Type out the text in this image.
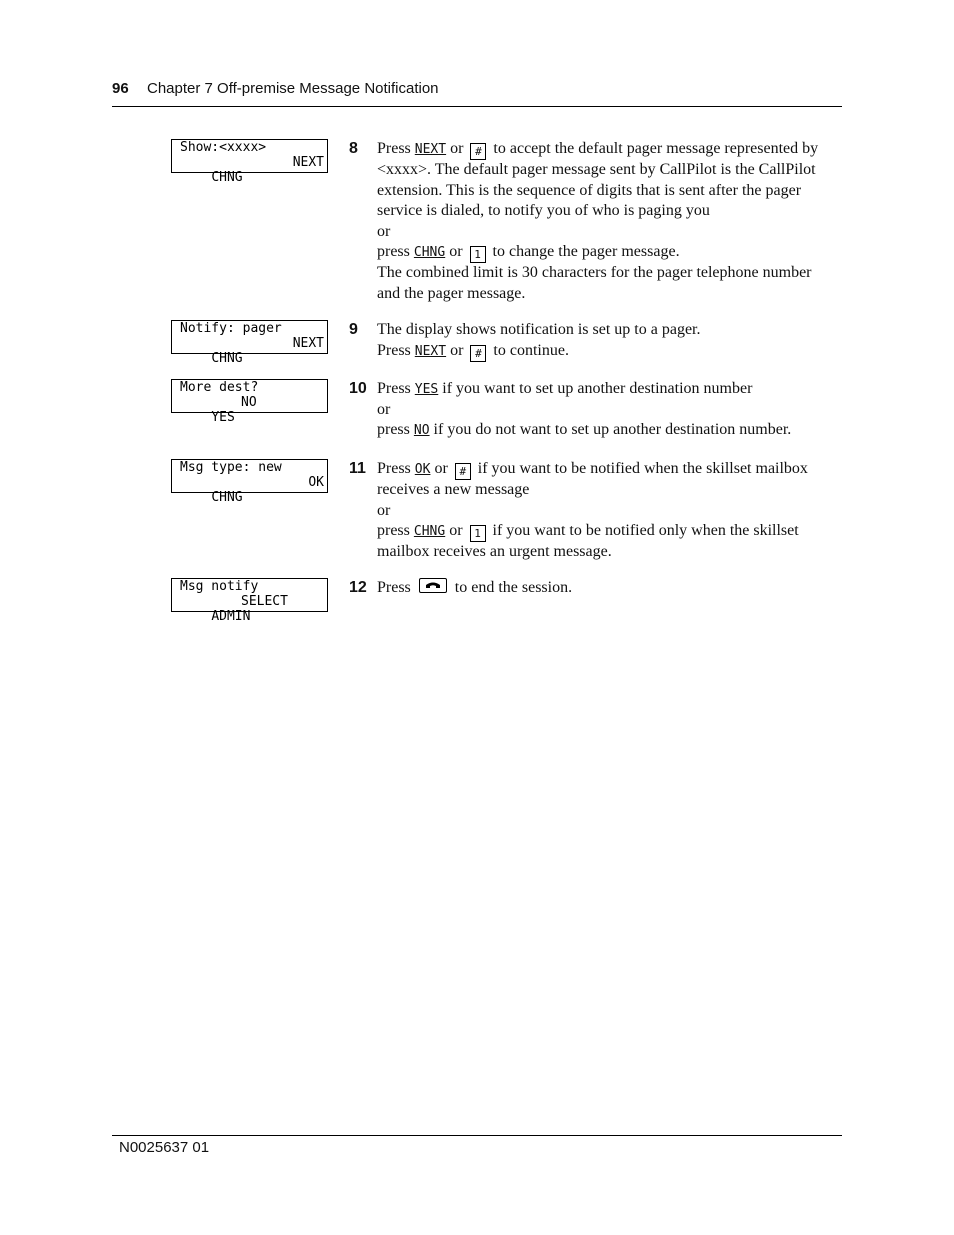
96 Chapter 7 Off-premise Message Notification
Show:<xxxx>

CHNG

NEXT

8 Press NEXT or # to accept the default pager message represented by <xxxx>. The default pager message sent by CallPilot is the CallPilot extension. This is the sequence of digits that is sent after the pager service is dialed, to notify you of who is paging you

or

press CHNG or 1 to change the pager message.

The combined limit is 30 characters for the pager telephone number and the pager message.

Notify: pager

CHNG

NEXT

9 The display shows notification is set up to a pager.

Press NEXT or # to continue.

More dest?

YES

NO

10 Press YES if you want to set up another destination number

or

press NO if you do not want to set up another destination number.

Msg type: new

CHNG

OK

11 Press OK or # if you want to be notified when the skillset mailbox receives a new message

or

press CHNG or 1 if you want to be notified only when the skillset mailbox receives an urgent message.

Msg notify

ADMIN

SELECT

12 Press	to end the session.

N0025637 01
